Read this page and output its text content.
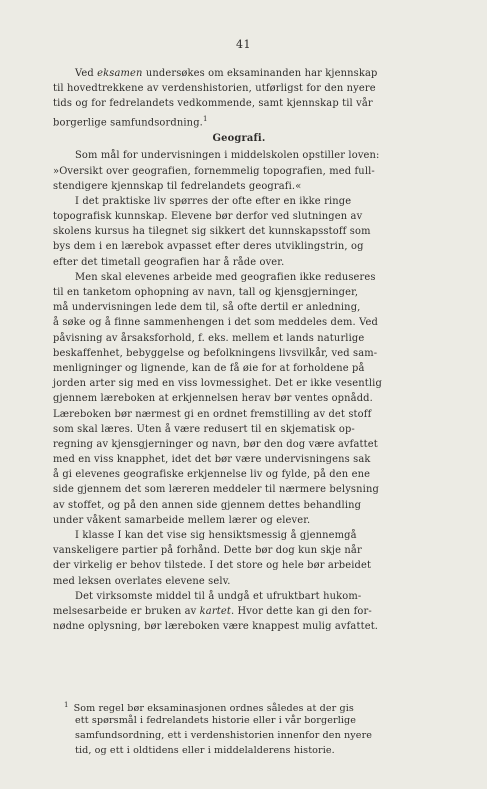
41
Ved eksamen undersøkes om eksaminanden har kjennskap
til hovedtrekkene av verdenshistorien, utførligst for den nyere
tids og for fedrelandets vedkommende, samt kjennskap til vår
borgerlige samfundsordning.$^1$
Geografi.
Som mål for undervisningen i middelskolen opstiller loven:
»Oversikt over geografien, fornemmelig topografien, med full-
stendigere kjennskap til fedrelandets geografi.«
I det praktiske liv spørres der ofte efter en ikke ringe
topografisk kunnskap. Elevene bør derfor ved slutningen av
skolens kursus ha tilegnet sig sikkert det kunnskapsstoff som
bys dem i en lærebok avpasset efter deres utviklingstrin, og
efter det timetall geografien har å råde over.
Men skal elevenes arbeide med geografien ikke reduseres
til en tanketom ophopning av navn, tall og kjensgjerninger,
må undervisningen lede dem til, så ofte dertil er anledning,
å søke og å finne sammenhengen i det som meddeles dem. Ved
påvisning av årsaksforhold, f. eks. mellem et lands naturlige
beskaffenhet, bebyggelse og befolkningens livsvilkår, ved sam-
menligninger og lignende, kan de få øie for at forholdene på
jorden arter sig med en viss lovmessighet. Det er ikke vesentlig
gjennem læreboken at erkjennelsen herav bør ventes opnådd.
Læreboken bør nærmest gi en ordnet fremstilling av det stoff
som skal læres. Uten å være redusert til en skjematisk op-
regning av kjensgjerninger og navn, bør den dog være avfattet
med en viss knapphet, idet det bør være undervisningens sak
å gi elevenes geografiske erkjennelse liv og fylde, på den ene
side gjennem det som læreren meddeler til nærmere belysning
av stoffet, og på den annen side gjennem dettes behandling
under våkent samarbeide mellem lærer og elever.
I klasse I kan det vise sig hensiktsmessig å gjennemgå
vanskeligere partier på forhånd. Dette bør dog kun skje når
der virkelig er behov tilstede. I det store og hele bør arbeidet
med leksen overlates elevene selv.
Det virksomste middel til å undgå et ufruktbart hukom-
melsesarbeide er bruken av kartet. Hvor dette kan gi den for-
nødne oplysning, bør læreboken være knappest mulig avfattet.
$^1$ Som regel bør eksaminasjonen ordnes således at der gis
ett spørsmål i fedrelandets historie eller i vår borgerlige
samfundsordning, ett i verdenshistorien innenfor den nyere
tid, og ett i oldtidens eller i middelalderens historie.
